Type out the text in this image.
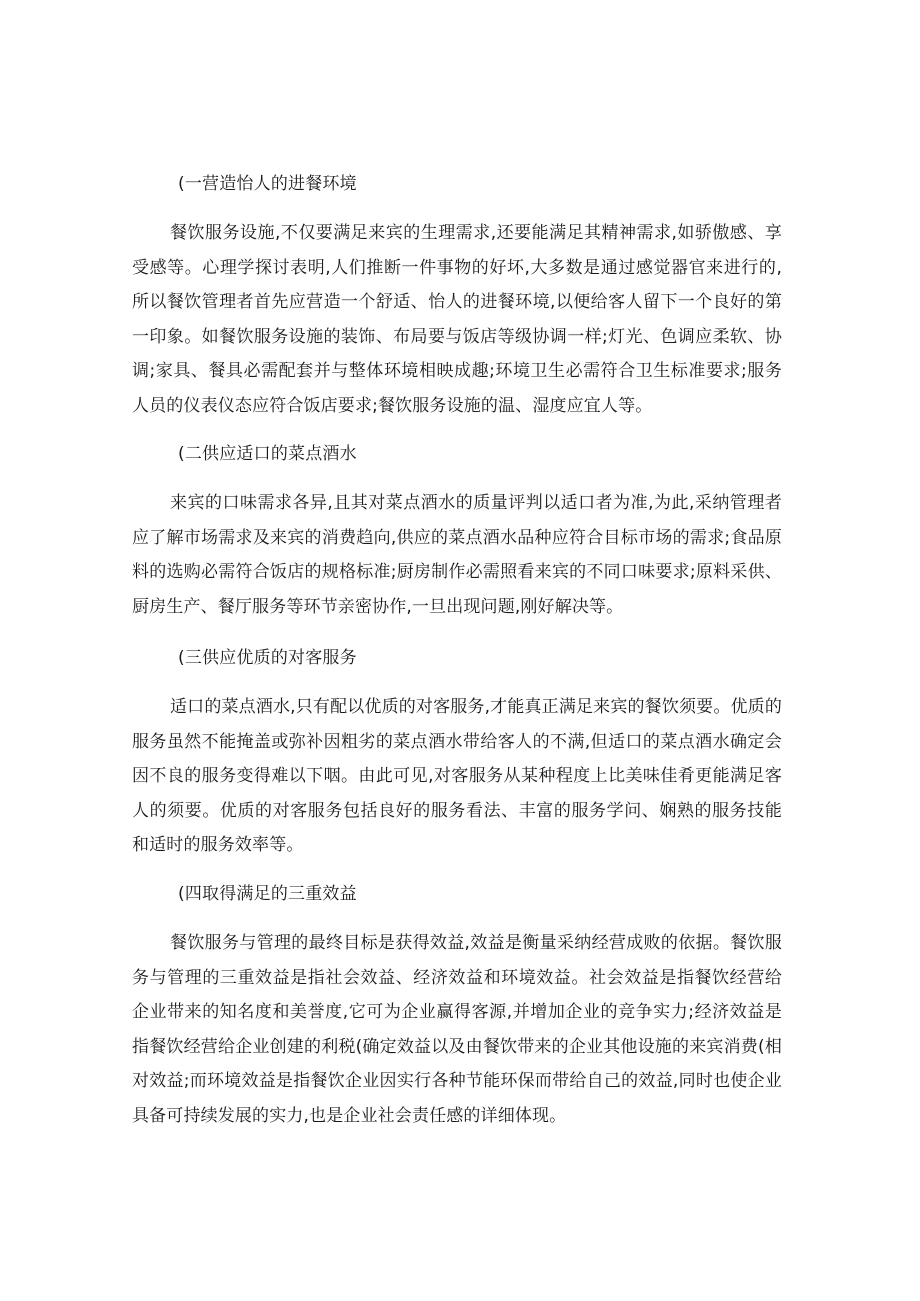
(一营造怡人的进餐环境

餐饮服务设施,不仅要满足来宾的生理需求,还要能满足其精神需求,如骄傲感、享受感等。心理学探讨表明,人们推断一件事物的好坏,大多数是通过感觉器官来进行的,所以餐饮管理者首先应营造一个舒适、怡人的进餐环境,以便给客人留下一个良好的第一印象。如餐饮服务设施的装饰、布局要与饭店等级协调一样;灯光、色调应柔软、协调;家具、餐具必需配套并与整体环境相映成趣;环境卫生必需符合卫生标准要求;服务人员的仪表仪态应符合饭店要求;餐饮服务设施的温、湿度应宜人等。

(二供应适口的菜点酒水

来宾的口味需求各异,且其对菜点酒水的质量评判以适口者为准,为此,采纳管理者应了解市场需求及来宾的消费趋向,供应的菜点酒水品种应符合目标市场的需求;食品原料的选购必需符合饭店的规格标准;厨房制作必需照看来宾的不同口味要求;原料采供、厨房生产、餐厅服务等环节亲密协作,一旦出现问题,刚好解决等。

(三供应优质的对客服务

适口的菜点酒水,只有配以优质的对客服务,才能真正满足来宾的餐饮须要。优质的服务虽然不能掩盖或弥补因粗劣的菜点酒水带给客人的不满,但适口的菜点酒水确定会因不良的服务变得难以下咽。由此可见,对客服务从某种程度上比美味佳肴更能满足客人的须要。优质的对客服务包括良好的服务看法、丰富的服务学问、娴熟的服务技能和适时的服务效率等。

(四取得满足的三重效益

餐饮服务与管理的最终目标是获得效益,效益是衡量采纳经营成败的依据。餐饮服务与管理的三重效益是指社会效益、经济效益和环境效益。社会效益是指餐饮经营给企业带来的知名度和美誉度,它可为企业赢得客源,并增加企业的竞争实力;经济效益是指餐饮经营给企业创建的利税(确定效益以及由餐饮带来的企业其他设施的来宾消费(相对效益;而环境效益是指餐饮企业因实行各种节能环保而带给自己的效益,同时也使企业具备可持续发展的实力,也是企业社会责任感的详细体现。
